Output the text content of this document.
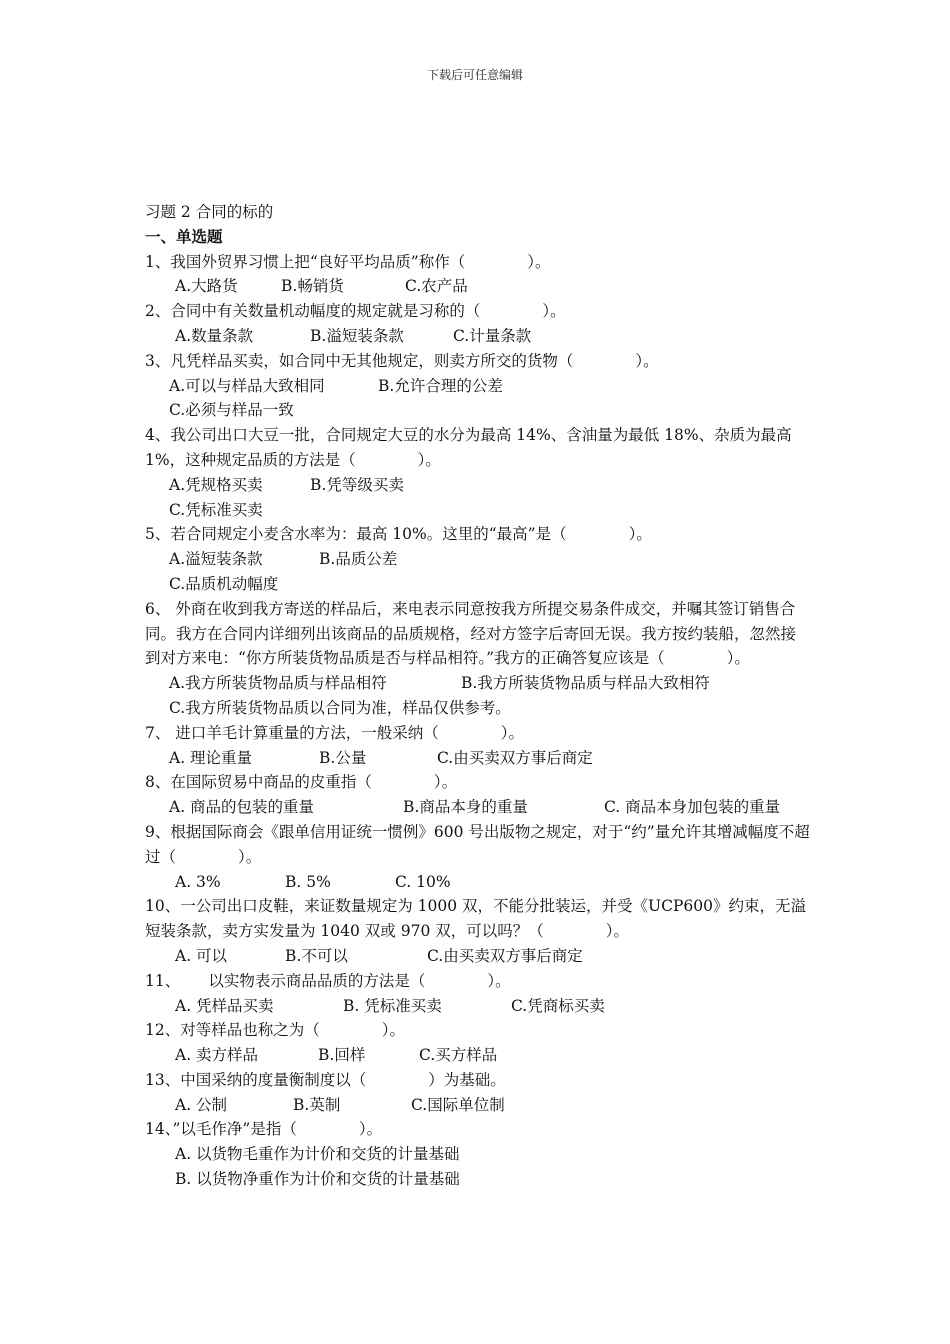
下载后可任意编辑
习题 2 合同的标的
一、单选题
1、我国外贸界习惯上把“良好平均品质”称作（　　　　）。
A.大路货	B.畅销货	C.农产品
2、合同中有关数量机动幅度的规定就是习称的（　　　　）。
A.数量条款	B.溢短装条款	C.计量条款
3、凡凭样品买卖，如合同中无其他规定，则卖方所交的货物（　　　　）。
A.可以与样品大致相同	B.允许合理的公差
C.必须与样品一致
4、我公司出口大豆一批，合同规定大豆的水分为最高 14%、含油量为最低 18%、杂质为最高 1%，这种规定品质的方法是（　　　　）。
A.凭规格买卖	B.凭等级买卖
C.凭标准买卖
5、若合同规定小麦含水率为：最高 10%。这里的“最高”是（　　　　）。
A.溢短装条款	B.品质公差
C.品质机动幅度
6、 外商在收到我方寄送的样品后，来电表示同意按我方所提交易条件成交，并嘱其签订销售合同。我方在合同内详细列出该商品的品质规格，经对方签字后寄回无误。我方按约装船，忽然接到对方来电：“你方所装货物品质是否与样品相符。”我方的正确答复应该是（　　　　）。
A.我方所装货物品质与样品相符	B.我方所装货物品质与样品大致相符
C.我方所装货物品质以合同为准，样品仅供参考。
7、 进口羊毛计算重量的方法，一般采纳（　　　　）。
A. 理论重量	B.公量	C.由买卖双方事后商定
8、在国际贸易中商品的皮重指（　　　　）。
A. 商品的包装的重量	B.商品本身的重量	C. 商品本身加包装的重量
9、根据国际商会《跟单信用证统一惯例》600 号出版物之规定，对于“约”量允许其增减幅度不超过（　　　　）。
A. 3%	B. 5%	C. 10%
10、一公司出口皮鞋，来证数量规定为 1000 双，不能分批装运，并受《UCP600》约束，无溢短装条款，卖方实发量为 1040 双或 970 双，可以吗？（　　　　）。
A. 可以	B.不可以	C.由买卖双方事后商定
11、　　 以实物表示商品品质的方法是（　　　　）。
A. 凭样品买卖	B. 凭标准买卖	C.凭商标买卖
12、对等样品也称之为（　　　　）。
A. 卖方样品	B.回样	C.买方样品
13、中国采纳的度量衡制度以（　　　　）为基础。
A. 公制	B.英制	C.国际单位制
14、”以毛作净”是指（　　　　）。
A. 以货物毛重作为计价和交货的计量基础
B. 以货物净重作为计价和交货的计量基础
